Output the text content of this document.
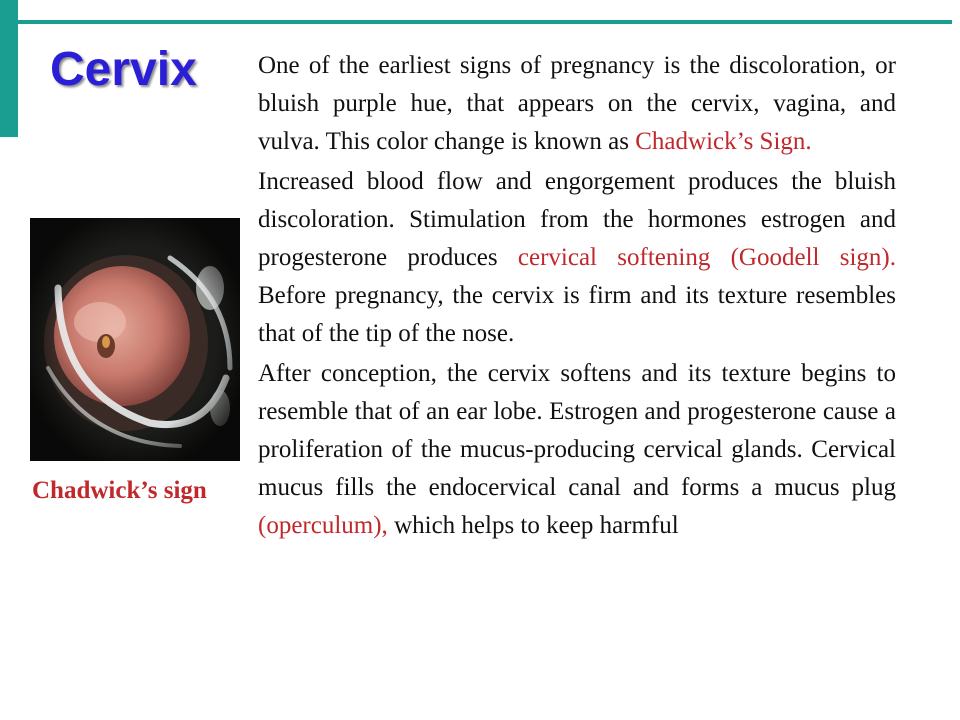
Cervix
Chadwick’s sign

One of the earliest signs of pregnancy is the discoloration, or bluish purple hue, that appears on the cervix, vagina, and vulva. This color change is known as Chadwick’s Sign.

Increased blood flow and engorgement produces the bluish discoloration. Stimulation from the hormones estrogen and progesterone produces cervical softening (Goodell sign). Before pregnancy, the cervix is firm and its texture resembles that of the tip of the nose.

After conception, the cervix softens and its texture begins to resemble that of an ear lobe. Estrogen and progesterone cause a proliferation of the mucus-producing cervical glands. Cervical mucus fills the endocervical canal and forms a mucus plug (operculum), which helps to keep harmful
